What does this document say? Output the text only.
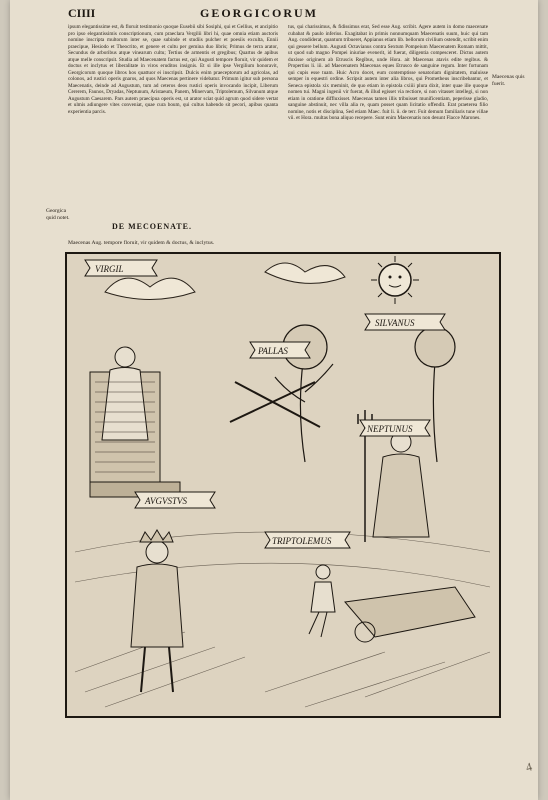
CIIII	GEORGICORUM
ipsum elegantissime est, & floruit testimonio quoque Eusebii sibi Sosiphi, qui et Gellius, et ancipitio pro ipso elegantissimis conscriptionum, cum praeclara Vergilii libri hi, quae omnia etiam auctoris nomine inscripta multorum inter se, quae subinde et studiis pulcher et poesiis exculta, Ennii praecipue, Hesiodo et Theocrito, et genere et cultu per gemina duo libris; Primus de terra arator, Secundus de arboribus atque vinearum cultu; Tertius de armentis et gregibus; Quartus de apibus atque melle conscripsit. Studia ad Maecenatem factus est, qui Augusti tempore floruit, vir quidem et doctus et inclytus et liberalitate in viros eruditos insignis. Et si ille ipse Vergilium honoravit, Georgicorum quoque libros hos quattuor ei inscripsit. Dulcis enim praeceptorum ad agricolas, ad colonos, ad rustici operis gnaros, ad quos Maecenas pertinere videbatur. Primum igitur sub persona Maecenatis, deinde ad Augustum, tum ad ceteros deos rustici operis invocando incipit, Liberum Cererem, Faunos, Dryadas, Neptunum, Aristaeum, Panem, Minervam, Triptolemum, Silvanum atque Augustum Caesarem. Pars autem praecipua operis est, ut arator sciat quid agrum quod sidere vertat et ulmis adiungere vites conveniat, quae cura boum, qui cultus habendo sit pecori, apibus quanta experientia parcis.
tus, qui charissimus, & fidissimus erat, Sed esse Aug. scribit. Agere autem in domo maecenate cubabat & paulo inferius. Exagitabat in primis nonnumquam Maecenatis suum, huic qui tam Aug. condiderat, quantum tribueret, Appianus etiam lib. bellorum civilium ostendit, scribit enim qui gessere bellum. Augusti Octavianus contra Sextum Pompeium Maecenatem Romam mittit, ut quod sub magno Pompei iniuriae evenerit, id fuerat, diligentia compesceret. Dictus autem duxisse originem ab Etruscis Regibus, unde Hora. ait Maecenas atavis edite regibus. & Propertius li. iii. ad Maecenatem Maecenas eques Etrusco de sanguine regum. Inter fortunam qui cupis esse tuam. Huic Acro docet, eum contemptisse senatoriam dignitatem, maluisse semper in equestri ordine. Scripsit autem inter alia libros, qui Prometheus inscribebantur, et Seneca epistola xix meminit, de quo etiam in epistola cxiiii plura dixit, inter quae ille quoque nomen tui. Magni ingenii vir fuerat, & illud egisset via rectiore, si non vitasset intellegi, si non etiam in oratione diffluxisset. Maecenas tamen illis tribuisset munificentiam, peperisse gladio, sanguine abstinuit, nec villa alia re, quam posset quam licitatio offendit. Erat praeterea filio nomine, notis et disciplina, Sed etiam Maec. fuit li. ii. de terr. Fuit demum familiaris tune villae vii. et Hora. multas bona aliquo recepere. Sunt enim Maecenatis non desunt Flacce Marones.
Georgica quid notet.
Maecenas quis fuerit.
DE MECOENATE.
Maecenas Aug. tempore floruit, vir quidem & doctus, & inclytus.
VIRGIL
SILVANUS
AVGVSTVS
NEPTUNUS
TRIPTOLEMUS
PALLAS
4
